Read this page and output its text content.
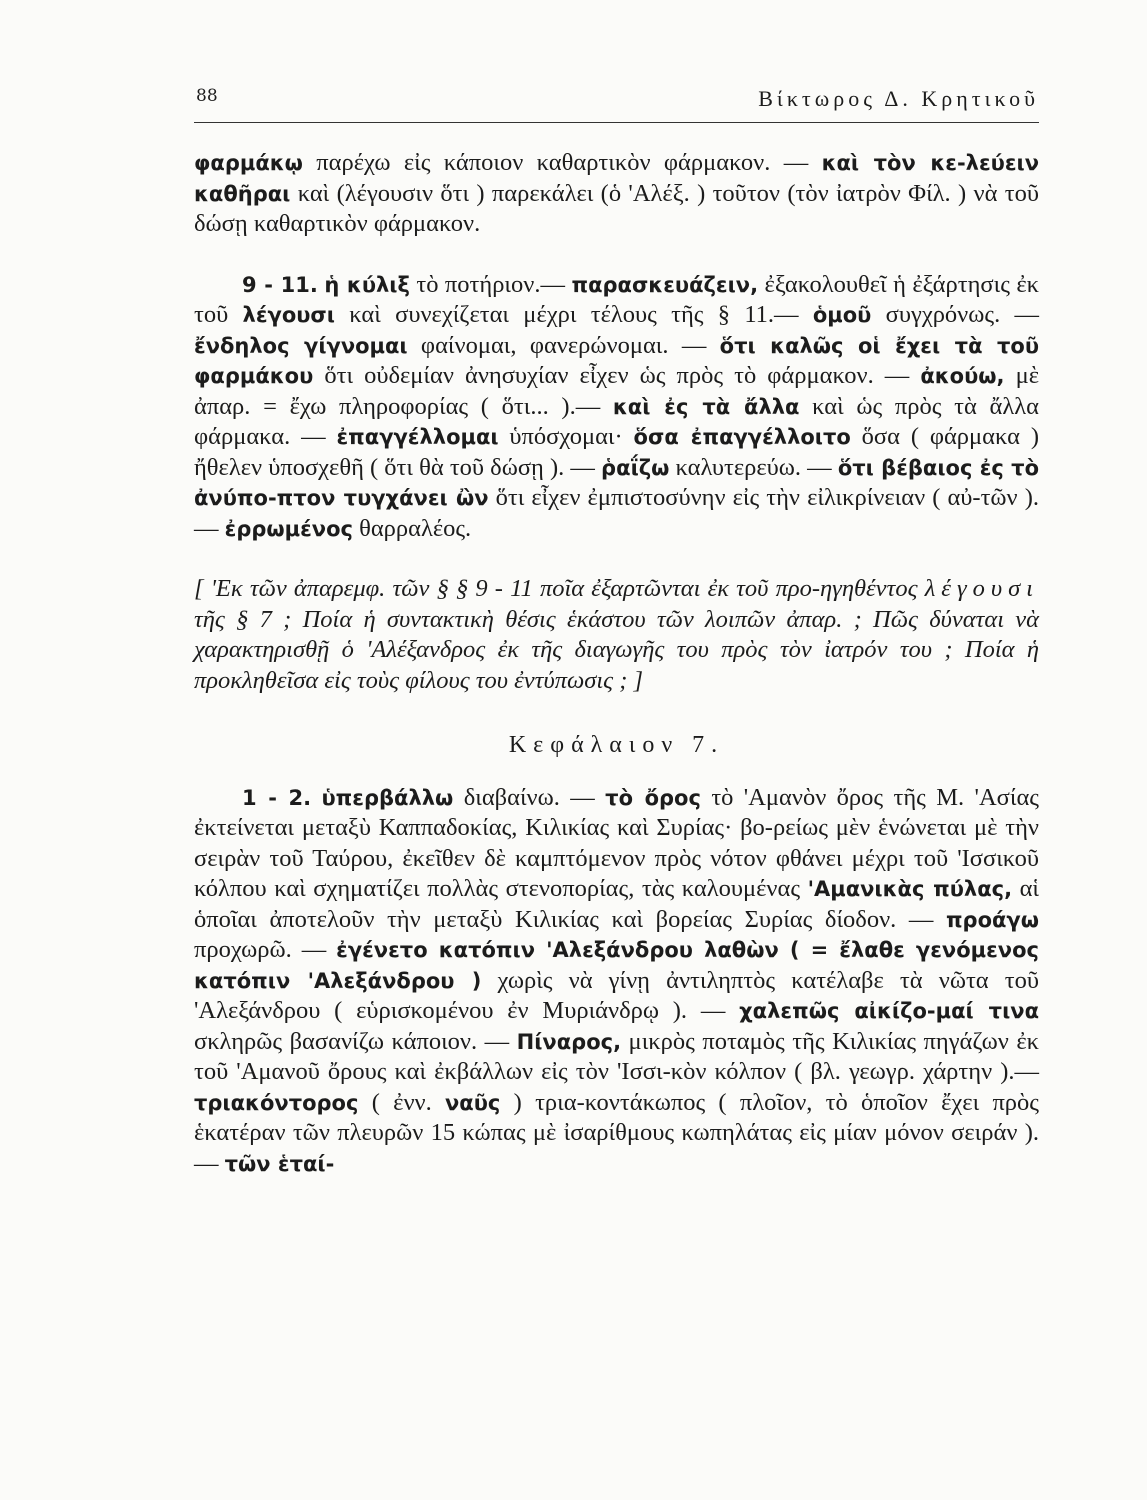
88	Βίκτωρος Δ. Κρητικοῦ

φαρμάκῳ παρέχω εἰς κάποιον καθαρτικὸν φάρμακον. — καὶ τὸν κε-λεύειν καθῆραι καὶ (λέγουσιν ὅτι ) παρεκάλει (ὁ 'Αλέξ. ) τοῦτον (τὸν ἰατρὸν Φίλ. ) νὰ τοῦ δώσῃ καθαρτικὸν φάρμακον.

9 - 11. ἡ κύλιξ τὸ ποτήριον.— παρασκευάζειν, ἐξακολουθεῖ ἡ ἐξάρτησις ἐκ τοῦ λέγουσι καὶ συνεχίζεται μέχρι τέλους τῆς § 11.— ὁμοῦ συγχρόνως. — ἔνδηλος γίγνομαι φαίνομαι, φανερώνομαι. — ὅτι καλῶς οἱ ἔχει τὰ τοῦ φαρμάκου ὅτι οὐδεμίαν ἀνησυχίαν εἶχεν ὡς πρὸς τὸ φάρμακον. — ἀκούω, μὲ ἀπαρ. = ἔχω πληροφορίας ( ὅτι... ).— καὶ ἐς τὰ ἄλλα καὶ ὡς πρὸς τὰ ἄλλα φάρμακα. — ἐπαγγέλλομαι ὑπόσχομαι· ὅσα ἐπαγγέλλοιτο ὅσα ( φάρμακα ) ἤθελεν ὑποσχεθῆ ( ὅτι θὰ τοῦ δώσῃ ). — ῥαΐζω καλυτερεύω. — ὅτι βέβαιος ἐς τὸ ἀνύπο-πτον τυγχάνει ὢν ὅτι εἶχεν ἐμπιστοσύνην εἰς τὴν εἰλικρίνειαν ( αὐ-τῶν ). — ἐρρωμένος θαρραλέος.

[ 'Εκ τῶν ἀπαρεμφ. τῶν § § 9 - 11 ποῖα ἐξαρτῶνται ἐκ τοῦ προ-ηγηθέντος λέγουσι τῆς § 7 ; Ποία ἡ συντακτικὴ θέσις ἑκάστου τῶν λοιπῶν ἀπαρ. ; Πῶς δύναται νὰ χαρακτηρισθῇ ὁ 'Αλέξανδρος ἐκ τῆς διαγωγῆς του πρὸς τὸν ἰατρόν του ; Ποία ἡ προκληθεῖσα εἰς τοὺς φίλους του ἐντύπωσις ; ]

Κεφάλαιον 7.

1 - 2. ὑπερβάλλω διαβαίνω. — τὸ ὄρος τὸ 'Αμανὸν ὄρος τῆς Μ. 'Ασίας ἐκτείνεται μεταξὺ Καππαδοκίας, Κιλικίας καὶ Συρίας· βο-ρείως μὲν ἑνώνεται μὲ τὴν σειρὰν τοῦ Ταύρου, ἐκεῖθεν δὲ καμπτόμενον πρὸς νότον φθάνει μέχρι τοῦ 'Ισσικοῦ κόλπου καὶ σχηματίζει πολλὰς στενοπορίας, τὰς καλουμένας 'Αμανικὰς πύλας, αἱ ὁποῖαι ἀποτελοῦν τὴν μεταξὺ Κιλικίας καὶ βορείας Συρίας δίοδον. — προάγω προχωρῶ. — ἐγένετο κατόπιν 'Αλεξάνδρου λαθὼν ( = ἔλαθε γενόμενος κατόπιν 'Αλεξάνδρου ) χωρὶς νὰ γίνῃ ἀντιληπτὸς κατέλαβε τὰ νῶτα τοῦ 'Αλεξάνδρου ( εὑρισκομένου ἐν Μυριάνδρῳ ). — χαλεπῶς αἰκίζο-μαί τινα σκληρῶς βασανίζω κάποιον. — Πίναρος, μικρὸς ποταμὸς τῆς Κιλικίας πηγάζων ἐκ τοῦ 'Αμανοῦ ὄρους καὶ ἐκβάλλων εἰς τὸν 'Ισσι-κὸν κόλπον ( βλ. γεωγρ. χάρτην ).— τριακόντορος ( ἐνν. ναῦς ) τρια-κοντάκωπος ( πλοῖον, τὸ ὁποῖον ἔχει πρὸς ἑκατέραν τῶν πλευρῶν 15 κώπας μὲ ἰσαρίθμους κωπηλάτας εἰς μίαν μόνον σειράν ). — τῶν ἑταί-
